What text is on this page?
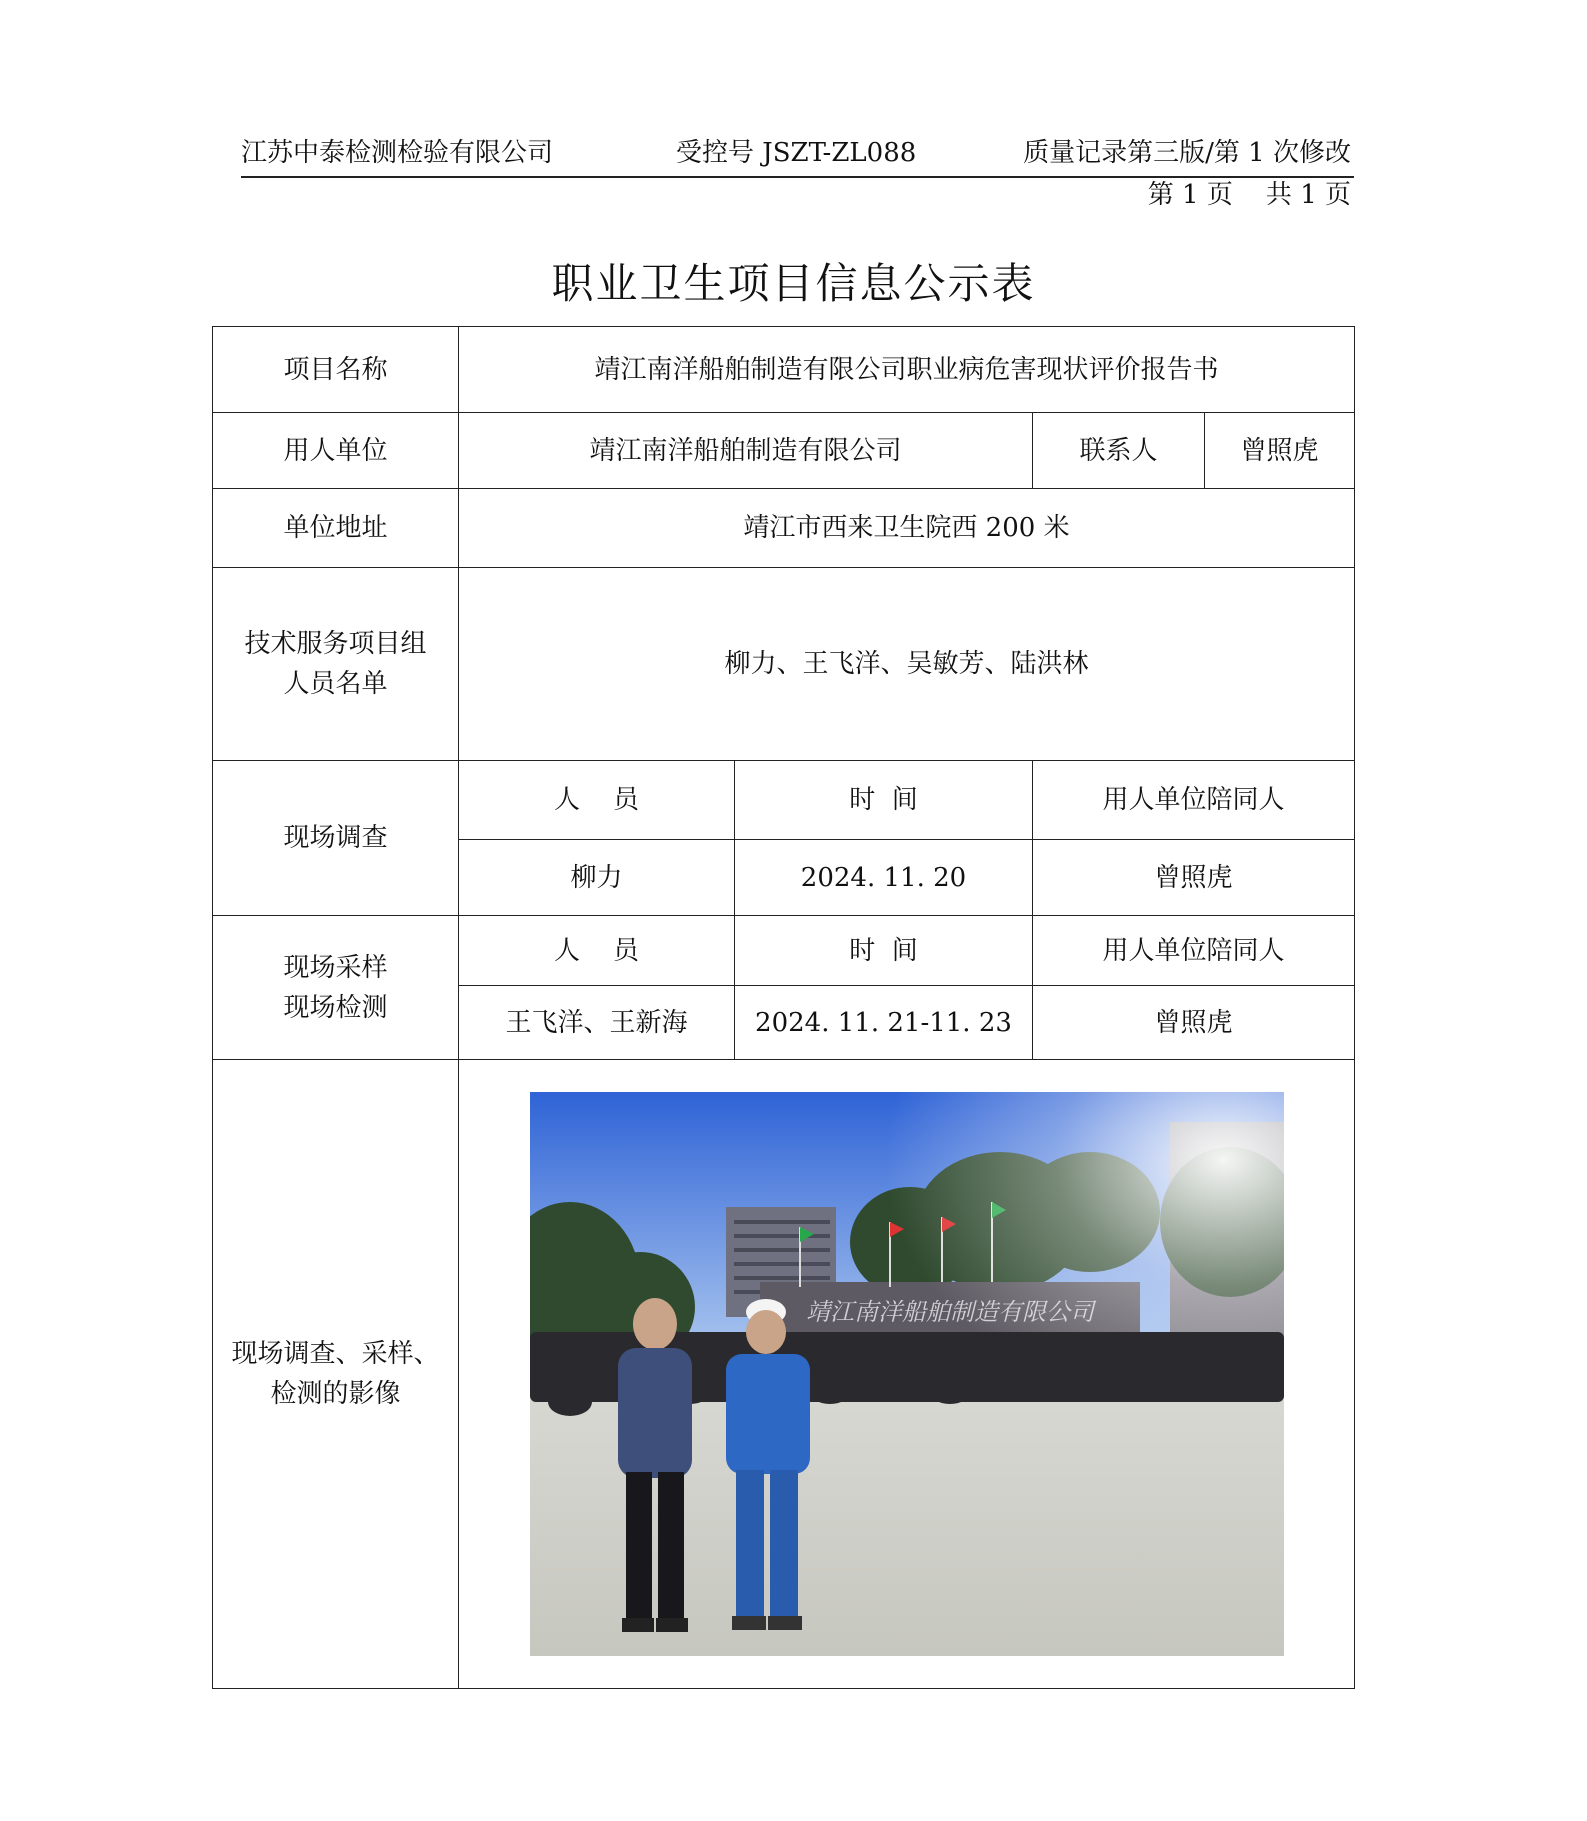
江苏中泰检测检验有限公司	受控号 JSZT-ZL088	质量记录第三版/第 1 次修改
第 1 页    共 1 页
职业卫生项目信息公示表
项目名称	靖江南洋船舶制造有限公司职业病危害现状评价报告书			
用人单位	靖江南洋船舶制造有限公司		联系人	曾照虎
单位地址	靖江市西来卫生院西 200 米			
技术服务项目组
人员名单	柳力、王飞洋、吴敏芳、陆洪林			
现场调查	人    员	时  间	用人单位陪同人	
	柳力	2024. 11. 20	曾照虎	
现场采样
现场检测	人    员	时  间	用人单位陪同人	
	王飞洋、王新海	2024. 11. 21-11. 23	曾照虎	
现场调查、采样、
检测的影像	
